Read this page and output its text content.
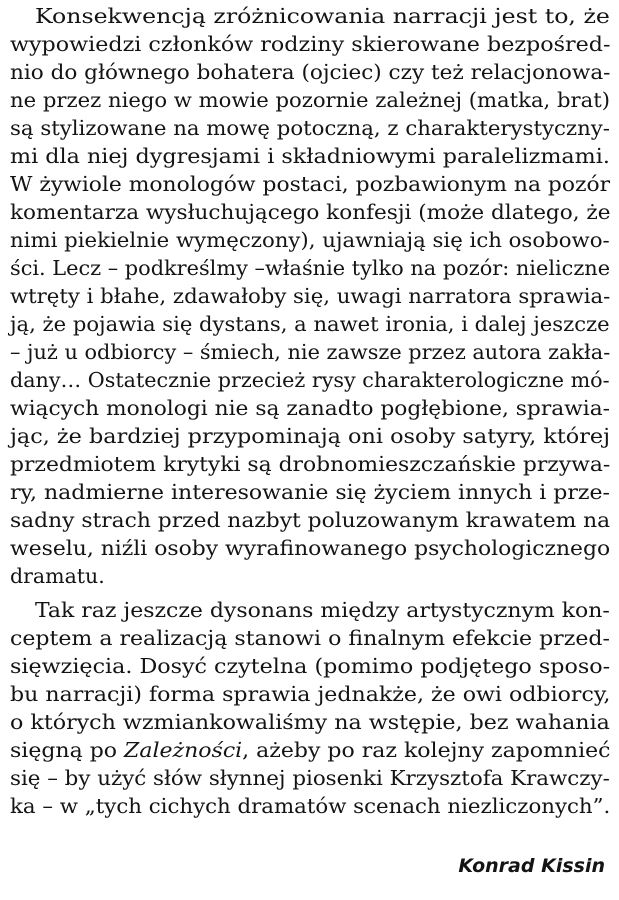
Konsekwencją zróżnicowania narracji jest to, że
wypowiedzi członków rodziny skierowane bezpośred-
nio do głównego bohatera (ojciec) czy też relacjonowa-
ne przez niego w mowie pozornie zależnej (matka, brat)
są stylizowane na mowę potoczną, z charakterystyczny-
mi dla niej dygresjami i składniowymi paralelizmami.
W żywiole monologów postaci, pozbawionym na pozór
komentarza wysłuchującego konfesji (może dlatego, że
nimi piekielnie wymęczony), ujawniają się ich osobowo-
ści. Lecz – podkreślmy –właśnie tylko na pozór: nieliczne
wtręty i błahe, zdawałoby się, uwagi narratora sprawia-
ją, że pojawia się dystans, a nawet ironia, i dalej jeszcze
– już u odbiorcy – śmiech, nie zawsze przez autora zakła-
dany… Ostatecznie przecież rysy charakterologiczne mó-
wiących monologi nie są zanadto pogłębione, sprawia-
jąc, że bardziej przypominają oni osoby satyry, której
przedmiotem krytyki są drobnomieszczańskie przywa-
ry, nadmierne interesowanie się życiem innych i prze-
sadny strach przed nazbyt poluzowanym krawatem na
weselu, niźli osoby wyrafinowanego psychologicznego
dramatu.
Tak raz jeszcze dysonans między artystycznym kon-
ceptem a realizacją stanowi o finalnym efekcie przed-
sięwzięcia. Dosyć czytelna (pomimo podjętego sposo-
bu narracji) forma sprawia jednakże, że owi odbiorcy,
o których wzmiankowaliśmy na wstępie, bez wahania
sięgną po Zależności, ażeby po raz kolejny zapomnieć
się – by użyć słów słynnej piosenki Krzysztofa Krawczy-
ka – w „tych cichych dramatów scenach niezliczonych”.
Konrad Kissin
